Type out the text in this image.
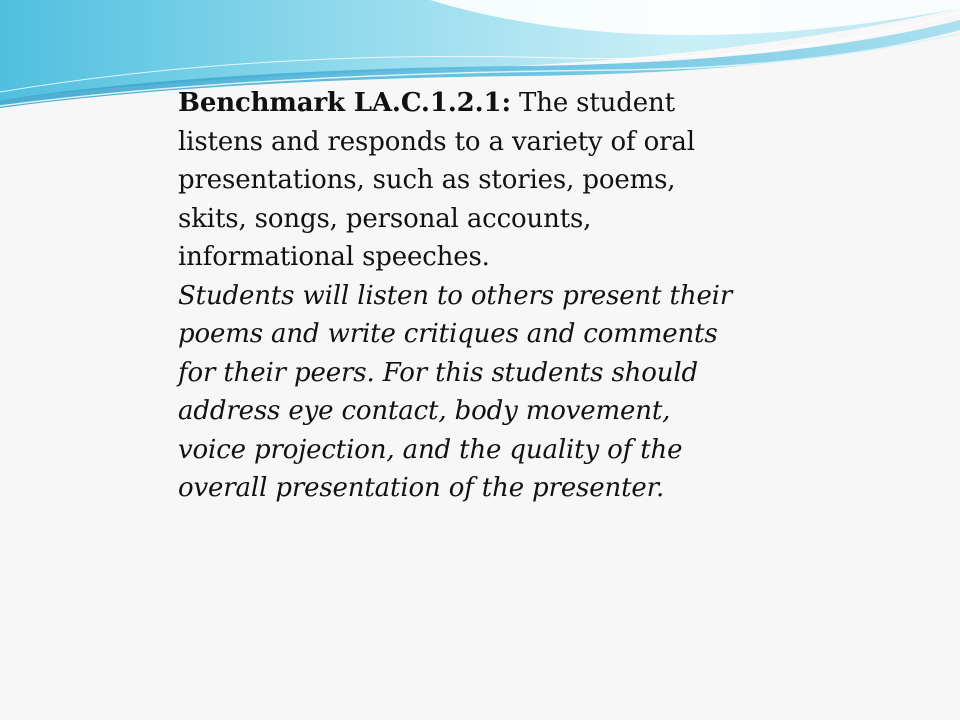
Benchmark LA.C.1.2.1: The student listens and responds to a variety of oral presentations, such as stories, poems, skits, songs, personal accounts, informational speeches.

Students will listen to others present their poems and write critiques and comments for their peers. For this students should address eye contact, body movement, voice projection, and the quality of the overall presentation of the presenter.
